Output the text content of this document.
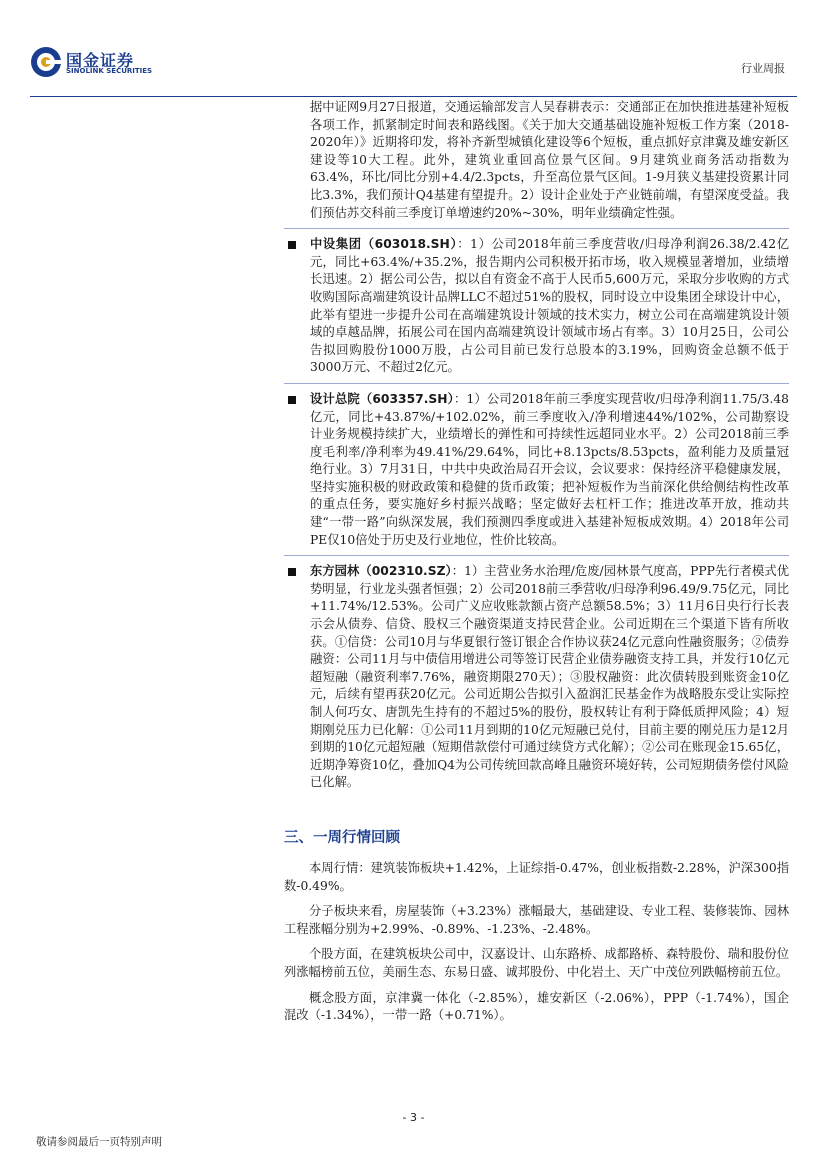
国金证券
SINOLINK SECURITIES	行业周报

据中证网9月27日报道，交通运输部发言人吴春耕表示：交通部正在加快推进基建补短板各项工作，抓紧制定时间表和路线图。《关于加大交通基础设施补短板工作方案（2018-2020年）》近期将印发，将补齐新型城镇化建设等6个短板，重点抓好京津冀及雄安新区建设等10大工程。此外，建筑业重回高位景气区间。9月建筑业商务活动指数为63.4%，环比/同比分别+4.4/2.3pcts，升至高位景气区间。1-9月狭义基建投资累计同比3.3%，我们预计Q4基建有望提升。2）设计企业处于产业链前端，有望深度受益。我们预估苏交科前三季度订单增速约20%~30%，明年业绩确定性强。

中设集团（603018.SH）：1）公司2018年前三季度营收/归母净利润26.38/2.42亿元，同比+63.4%/+35.2%，报告期内公司积极开拓市场，收入规模显著增加，业绩增长迅速。2）据公司公告，拟以自有资金不高于人民币5,600万元，采取分步收购的方式收购国际高端建筑设计品牌LLC不超过51%的股权，同时设立中设集团全球设计中心，此举有望进一步提升公司在高端建筑设计领域的技术实力，树立公司在高端建筑设计领域的卓越品牌，拓展公司在国内高端建筑设计领域市场占有率。3）10月25日，公司公告拟回购股份1000万股，占公司目前已发行总股本的3.19%，回购资金总额不低于3000万元、不超过2亿元。
设计总院（603357.SH）：1）公司2018年前三季度实现营收/归母净利润11.75/3.48亿元，同比+43.87%/+102.02%，前三季度收入/净利增速44%/102%，公司勘察设计业务规模持续扩大，业绩增长的弹性和可持续性远超同业水平。2）公司2018前三季度毛利率/净利率为49.41%/29.64%，同比+8.13pcts/8.53pcts，盈利能力及质量冠绝行业。3）7月31日，中共中央政治局召开会议，会议要求：保持经济平稳健康发展，坚持实施积极的财政政策和稳健的货币政策；把补短板作为当前深化供给侧结构性改革的重点任务，要实施好乡村振兴战略；坚定做好去杠杆工作；推进改革开放，推动共建“一带一路”向纵深发展，我们预测四季度或进入基建补短板成效期。4）2018年公司PE仅10倍处于历史及行业地位，性价比较高。
东方园林（002310.SZ）：1）主营业务水治理/危废/园林景气度高，PPP先行者模式优势明显，行业龙头强者恒强；2）公司2018前三季营收/归母净利96.49/9.75亿元，同比+11.74%/12.53%。公司广义应收账款额占资产总额58.5%；3）11月6日央行行长表示会从债券、信贷、股权三个融资渠道支持民营企业。公司近期在三个渠道下皆有所收获。①信贷：公司10月与华夏银行签订银企合作协议获24亿元意向性融资服务；②债券融资：公司11月与中债信用增进公司等签订民营企业债券融资支持工具，并发行10亿元超短融（融资利率7.76%，融资期限270天）；③股权融资：此次债转股到账资金10亿元，后续有望再获20亿元。公司近期公告拟引入盈润汇民基金作为战略股东受让实际控制人何巧女、唐凯先生持有的不超过5%的股份，股权转让有利于降低质押风险；4）短期刚兑压力已化解：①公司11月到期的10亿元短融已兑付，目前主要的刚兑压力是12月到期的10亿元超短融（短期借款偿付可通过续贷方式化解）；②公司在账现金15.65亿，近期净筹资10亿，叠加Q4为公司传统回款高峰且融资环境好转，公司短期债务偿付风险已化解。
三、一周行情回顾

本周行情：建筑装饰板块+1.42%，上证综指-0.47%，创业板指数-2.28%，沪深300指数-0.49%。

分子板块来看，房屋装饰（+3.23%）涨幅最大，基础建设、专业工程、装修装饰、园林工程涨幅分别为+2.99%、-0.89%、-1.23%、-2.48%。

个股方面，在建筑板块公司中，汉嘉设计、山东路桥、成都路桥、森特股份、瑞和股份位列涨幅榜前五位，美丽生态、东易日盛、诚邦股份、中化岩土、天广中茂位列跌幅榜前五位。

概念股方面，京津冀一体化（-2.85%），雄安新区（-2.06%），PPP（-1.74%），国企混改（-1.34%），一带一路（+0.71%）。

- 3 -
敬请参阅最后一页特别声明
